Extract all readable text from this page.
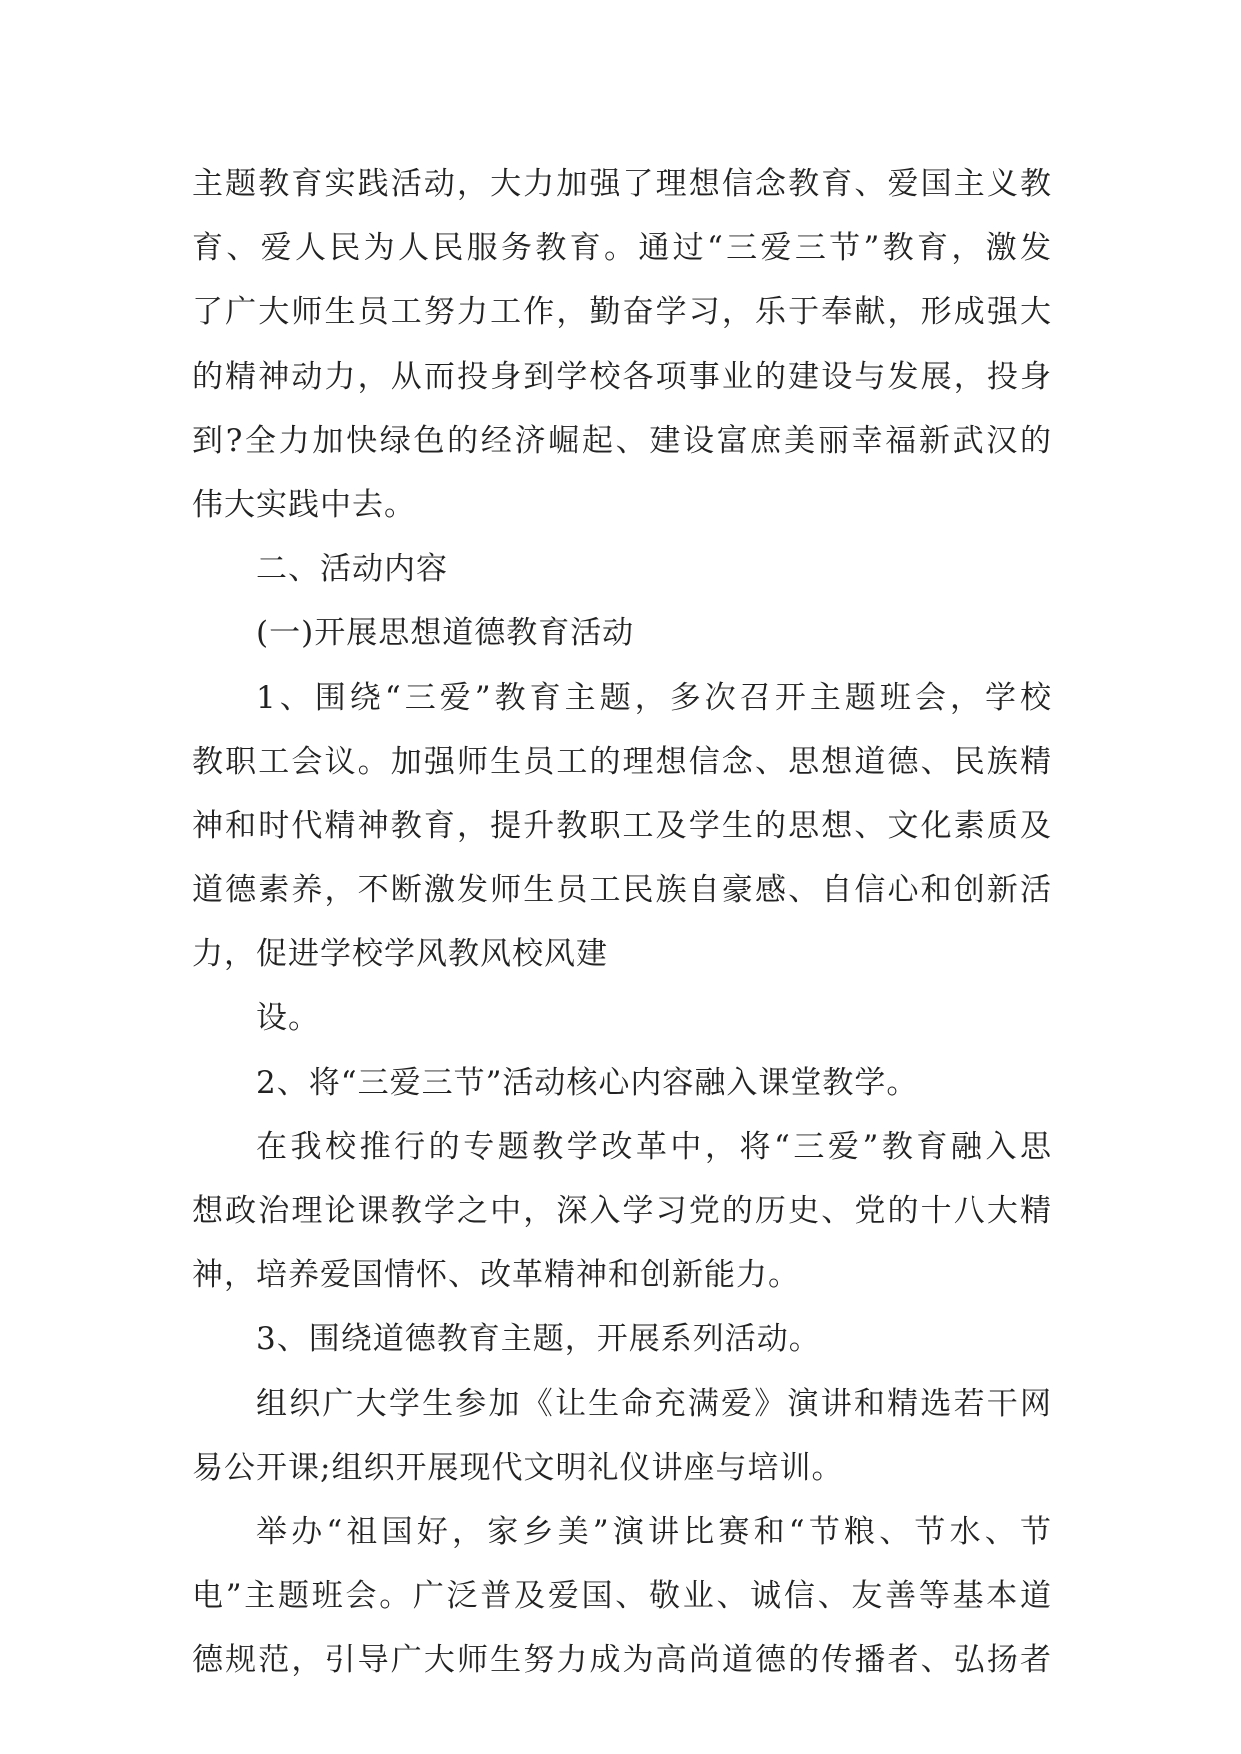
主题教育实践活动，大力加强了理想信念教育、爱国主义教
育、爱人民为人民服务教育。通过“三爱三节”教育，激发
了广大师生员工努力工作，勤奋学习，乐于奉献，形成强大
的精神动力，从而投身到学校各项事业的建设与发展，投身
到?全力加快绿色的经济崛起、建设富庶美丽幸福新武汉的
伟大实践中去。
二、活动内容
(一)开展思想道德教育活动
1、围绕“三爱”教育主题，多次召开主题班会，学校
教职工会议。加强师生员工的理想信念、思想道德、民族精
神和时代精神教育，提升教职工及学生的思想、文化素质及
道德素养，不断激发师生员工民族自豪感、自信心和创新活
力，促进学校学风教风校风建
设。
2、将“三爱三节”活动核心内容融入课堂教学。
在我校推行的专题教学改革中，将“三爱”教育融入思
想政治理论课教学之中，深入学习党的历史、党的十八大精
神，培养爱国情怀、改革精神和创新能力。
3、围绕道德教育主题，开展系列活动。
组织广大学生参加《让生命充满爱》演讲和精选若干网
易公开课;组织开展现代文明礼仪讲座与培训。
举办“祖国好，家乡美”演讲比赛和“节粮、节水、节
电”主题班会。广泛普及爱国、敬业、诚信、友善等基本道
德规范，引导广大师生努力成为高尚道德的传播者、弘扬者
